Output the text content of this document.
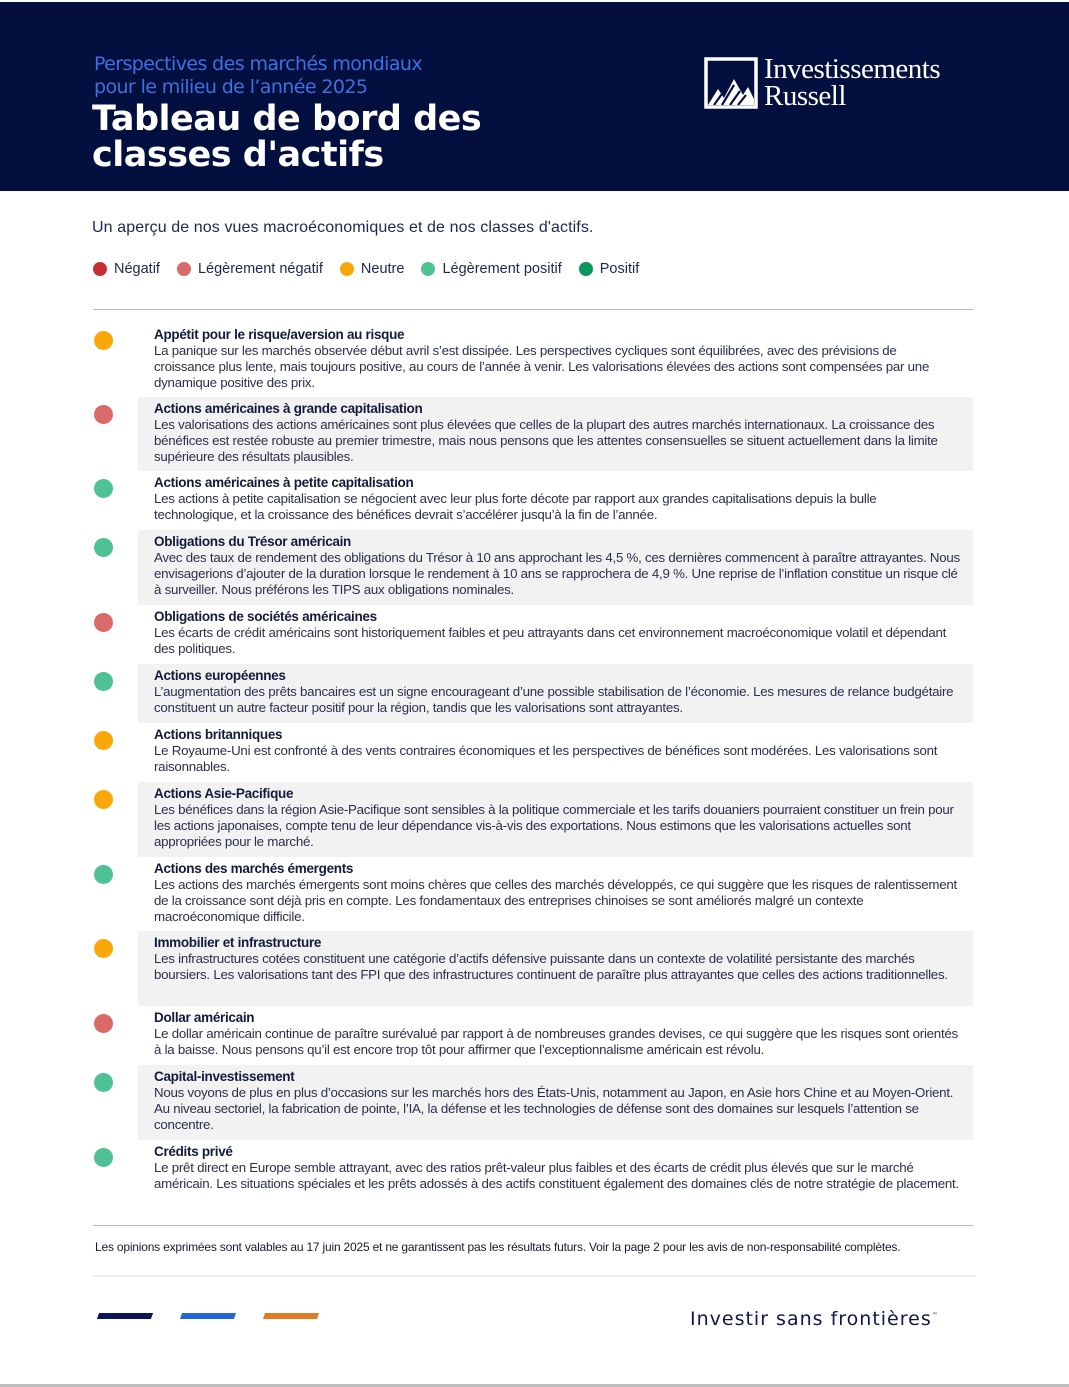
Perspectives des marchés mondiaux
pour le milieu de l’année 2025
Tableau de bord des
classes d'actifs
Investissements
Russell
Un aperçu de nos vues macroéconomiques et de nos classes d'actifs.
Négatif	Légèrement négatif	Neutre	Légèrement positif	Positif
Appétit pour le risque/aversion au risque
La panique sur les marchés observée début avril s’est dissipée. Les perspectives cycliques sont équilibrées, avec des prévisions de croissance plus lente, mais toujours positive, au cours de l’année à venir. Les valorisations élevées des actions sont compensées par une dynamique positive des prix.
Actions américaines à grande capitalisation
Les valorisations des actions américaines sont plus élevées que celles de la plupart des autres marchés internationaux. La croissance des bénéfices est restée robuste au premier trimestre, mais nous pensons que les attentes consensuelles se situent actuellement dans la limite supérieure des résultats plausibles.
Actions américaines à petite capitalisation
Les actions à petite capitalisation se négocient avec leur plus forte décote par rapport aux grandes capitalisations depuis la bulle technologique, et la croissance des bénéfices devrait s’accélérer jusqu’à la fin de l’année.
Obligations du Trésor américain
Avec des taux de rendement des obligations du Trésor à 10 ans approchant les 4,5 %, ces dernières commencent à paraître attrayantes. Nous envisagerions d’ajouter de la duration lorsque le rendement à 10 ans se rapprochera de 4,9 %. Une reprise de l’inflation constitue un risque clé à surveiller. Nous préférons les TIPS aux obligations nominales.
Obligations de sociétés américaines
Les écarts de crédit américains sont historiquement faibles et peu attrayants dans cet environnement macroéconomique volatil et dépendant des politiques.
Actions européennes
L’augmentation des prêts bancaires est un signe encourageant d’une possible stabilisation de l’économie. Les mesures de relance budgétaire constituent un autre facteur positif pour la région, tandis que les valorisations sont attrayantes.
Actions britanniques
Le Royaume-Uni est confronté à des vents contraires économiques et les perspectives de bénéfices sont modérées. Les valorisations sont raisonnables.
Actions Asie-Pacifique
Les bénéfices dans la région Asie-Pacifique sont sensibles à la politique commerciale et les tarifs douaniers pourraient constituer un frein pour les actions japonaises, compte tenu de leur dépendance vis-à-vis des exportations. Nous estimons que les valorisations actuelles sont appropriées pour le marché.
Actions des marchés émergents
Les actions des marchés émergents sont moins chères que celles des marchés développés, ce qui suggère que les risques de ralentissement de la croissance sont déjà pris en compte. Les fondamentaux des entreprises chinoises se sont améliorés malgré un contexte macroéconomique difficile.
Immobilier et infrastructure
Les infrastructures cotées constituent une catégorie d’actifs défensive puissante dans un contexte de volatilité persistante des marchés boursiers. Les valorisations tant des FPI que des infrastructures continuent de paraître plus attrayantes que celles des actions traditionnelles.
Dollar américain
Le dollar américain continue de paraître surévalué par rapport à de nombreuses grandes devises, ce qui suggère que les risques sont orientés à la baisse. Nous pensons qu’il est encore trop tôt pour affirmer que l’exceptionnalisme américain est révolu.
Capital-investissement
Nous voyons de plus en plus d’occasions sur les marchés hors des États-Unis, notamment au Japon, en Asie hors Chine et au Moyen-Orient. Au niveau sectoriel, la fabrication de pointe, l’IA, la défense et les technologies de défense sont des domaines sur lesquels l’attention se concentre.
Crédits privé
Le prêt direct en Europe semble attrayant, avec des ratios prêt-valeur plus faibles et des écarts de crédit plus élevés que sur le marché américain. Les situations spéciales et les prêts adossés à des actifs constituent également des domaines clés de notre stratégie de placement.
Les opinions exprimées sont valables au 17 juin 2025 et ne garantissent pas les résultats futurs. Voir la page 2 pour les avis de non-responsabilité complètes.
Investir sans frontières™
